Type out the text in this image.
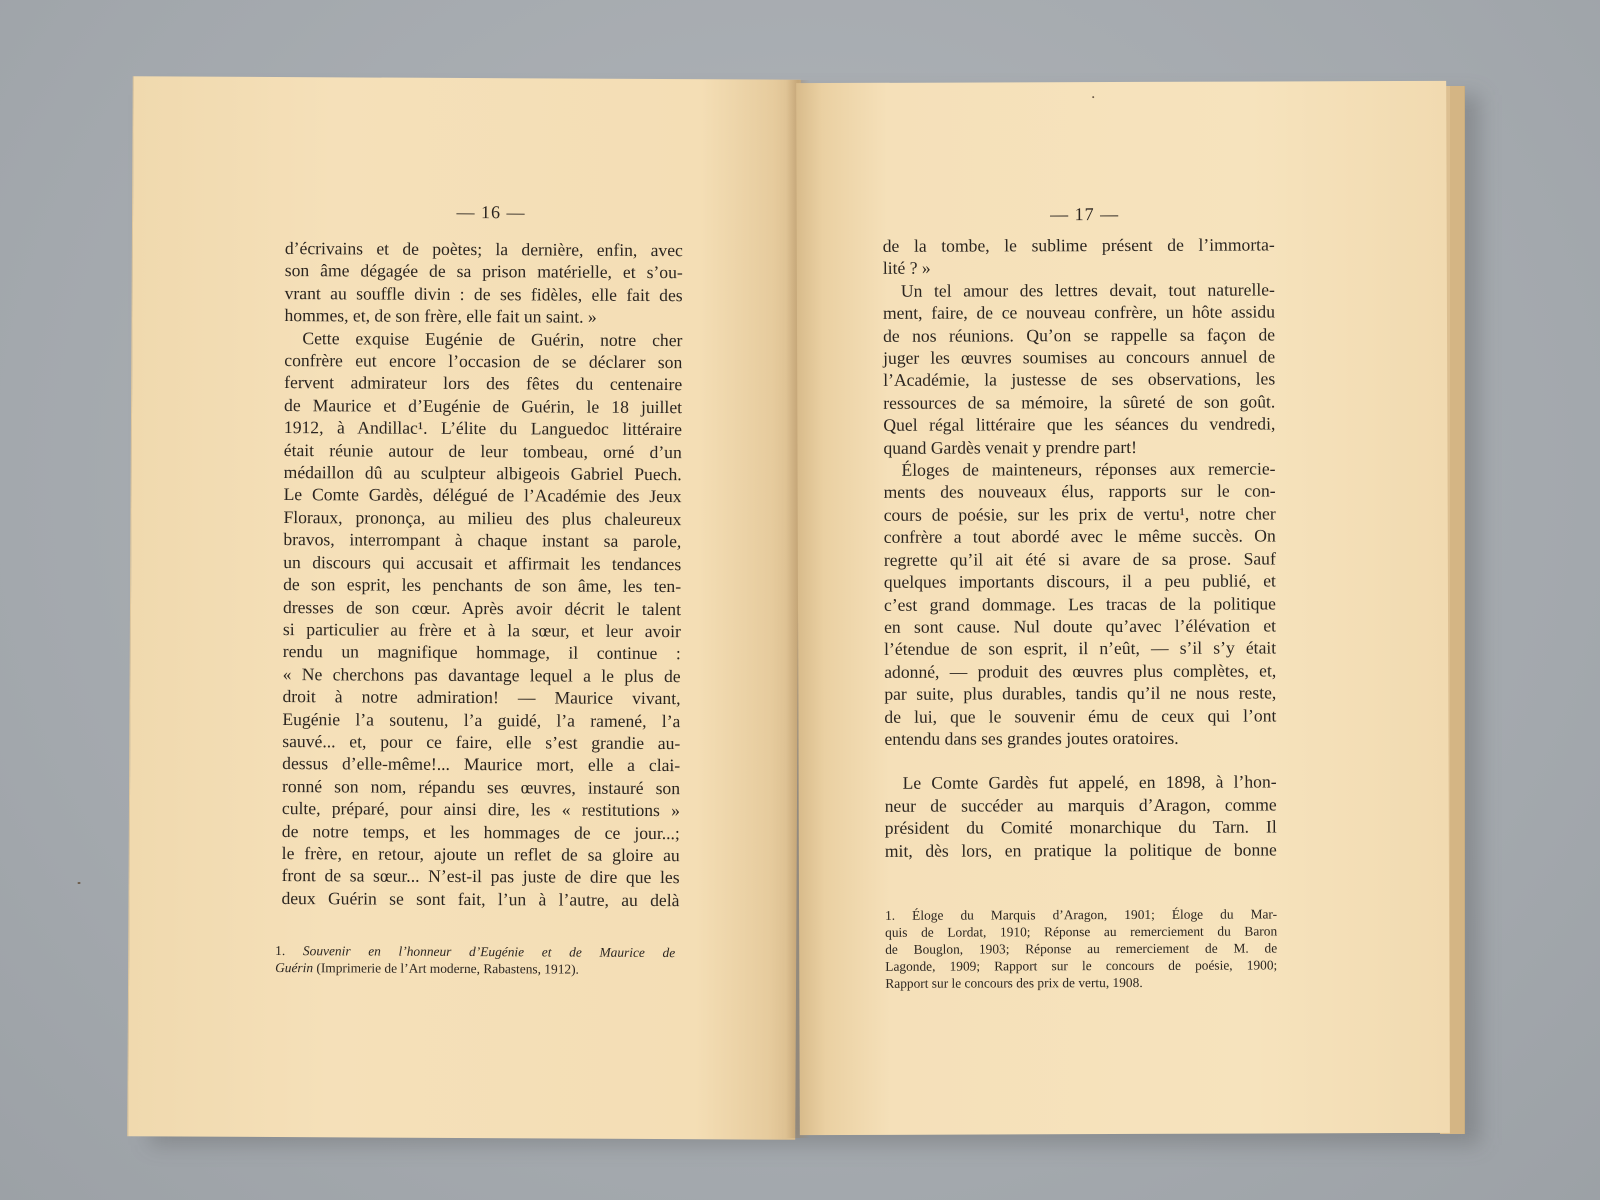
— 16 —
d’écrivains et de poètes; la dernière, enfin, avec
son âme dégagée de sa prison matérielle, et s’ou-
vrant au souffle divin : de ses fidèles, elle fait des
hommes, et, de son frère, elle fait un saint. »
Cette exquise Eugénie de Guérin, notre cher
confrère eut encore l’occasion de se déclarer son
fervent admirateur lors des fêtes du centenaire
de Maurice et d’Eugénie de Guérin, le 18 juillet
1912, à Andillac¹. L’élite du Languedoc littéraire
était réunie autour de leur tombeau, orné d’un
médaillon dû au sculpteur albigeois Gabriel Puech.
Le Comte Gardès, délégué de l’Académie des Jeux
Floraux, prononça, au milieu des plus chaleureux
bravos, interrompant à chaque instant sa parole,
un discours qui accusait et affirmait les tendances
de son esprit, les penchants de son âme, les ten-
dresses de son cœur. Après avoir décrit le talent
si particulier au frère et à la sœur, et leur avoir
rendu un magnifique hommage, il continue :
« Ne cherchons pas davantage lequel a le plus de
droit à notre admiration! — Maurice vivant,
Eugénie l’a soutenu, l’a guidé, l’a ramené, l’a
sauvé... et, pour ce faire, elle s’est grandie au-
dessus d’elle-même!... Maurice mort, elle a clai-
ronné son nom, répandu ses œuvres, instauré son
culte, préparé, pour ainsi dire, les « restitutions »
de notre temps, et les hommages de ce jour...;
le frère, en retour, ajoute un reflet de sa gloire au
front de sa sœur... N’est-il pas juste de dire que les
deux Guérin se sont fait, l’un à l’autre, au delà
1. Souvenir en l’honneur d’Eugénie et de Maurice de
Guérin (Imprimerie de l’Art moderne, Rabastens, 1912).
— 17 —
de la tombe, le sublime présent de l’immorta-
lité ? »
Un tel amour des lettres devait, tout naturelle-
ment, faire, de ce nouveau confrère, un hôte assidu
de nos réunions. Qu’on se rappelle sa façon de
juger les œuvres soumises au concours annuel de
l’Académie, la justesse de ses observations, les
ressources de sa mémoire, la sûreté de son goût.
Quel régal littéraire que les séances du vendredi,
quand Gardès venait y prendre part!
Éloges de mainteneurs, réponses aux remercie-
ments des nouveaux élus, rapports sur le con-
cours de poésie, sur les prix de vertu¹, notre cher
confrère a tout abordé avec le même succès. On
regrette qu’il ait été si avare de sa prose. Sauf
quelques importants discours, il a peu publié, et
c’est grand dommage. Les tracas de la politique
en sont cause. Nul doute qu’avec l’élévation et
l’étendue de son esprit, il n’eût, — s’il s’y était
adonné, — produit des œuvres plus complètes, et,
par suite, plus durables, tandis qu’il ne nous reste,
de lui, que le souvenir ému de ceux qui l’ont
entendu dans ses grandes joutes oratoires.
Le Comte Gardès fut appelé, en 1898, à l’hon-
neur de succéder au marquis d’Aragon, comme
président du Comité monarchique du Tarn. Il
mit, dès lors, en pratique la politique de bonne
1. Éloge du Marquis d’Aragon, 1901; Éloge du Mar-
quis de Lordat, 1910; Réponse au remerciement du Baron
de Bouglon, 1903; Réponse au remerciement de M. de
Lagonde, 1909; Rapport sur le concours de poésie, 1900;
Rapport sur le concours des prix de vertu, 1908.
